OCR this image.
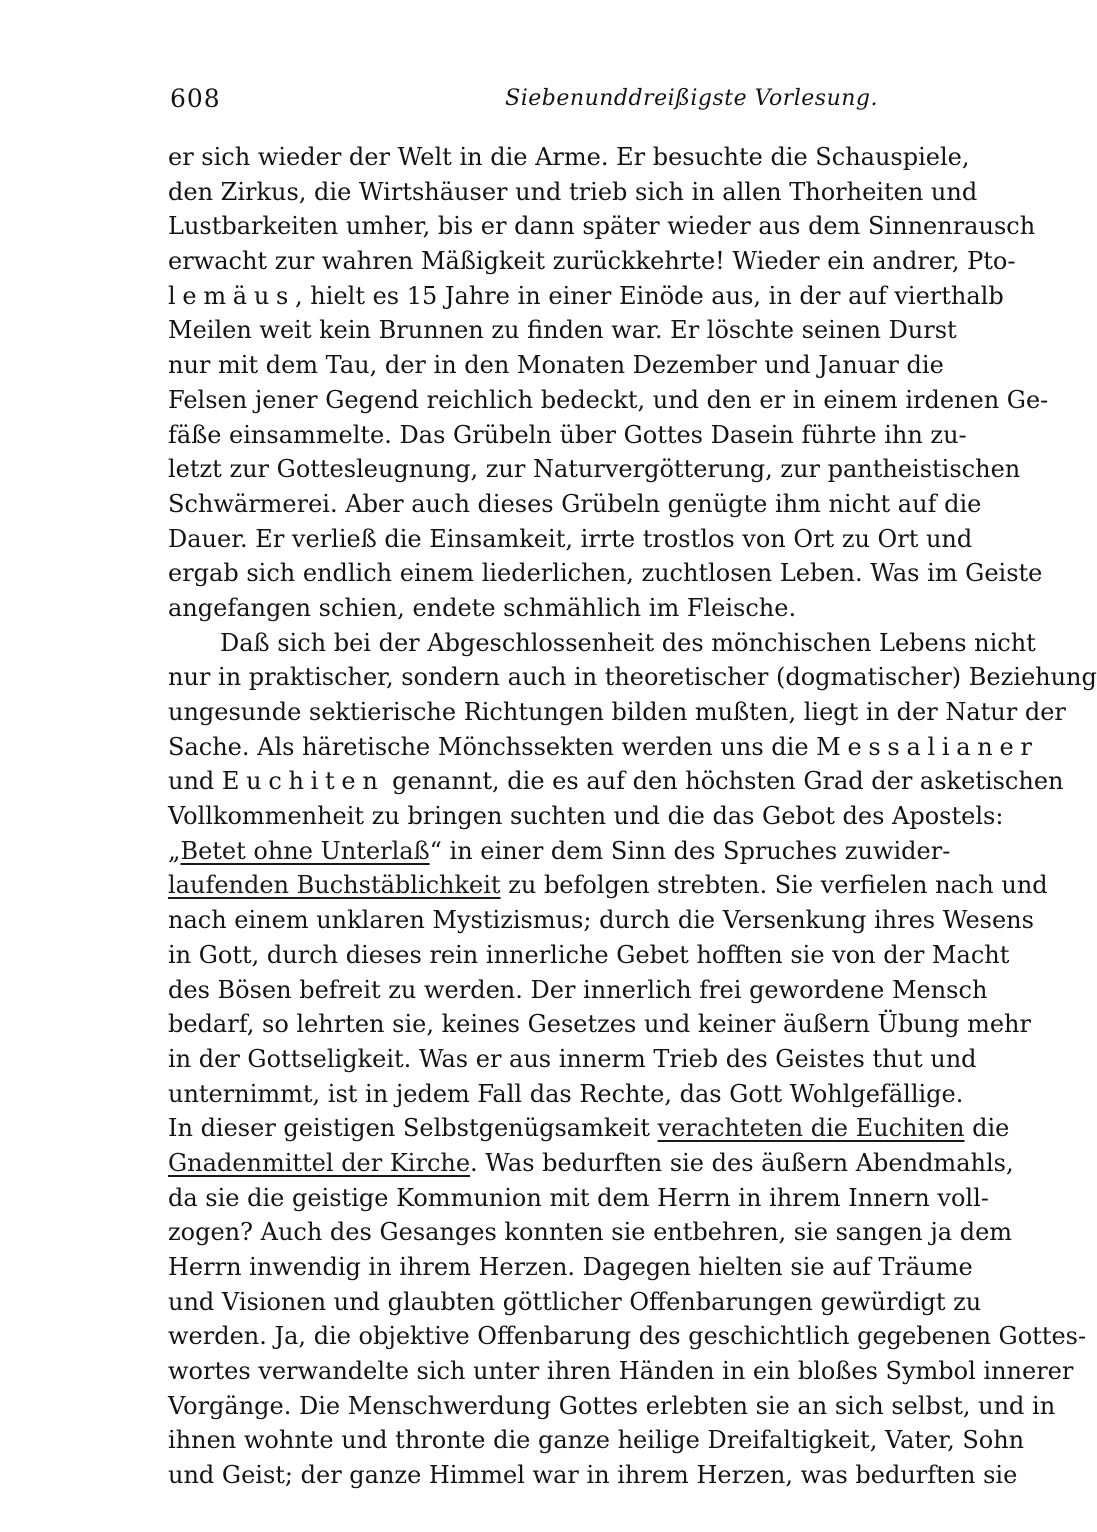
608	Siebenunddreißigste Vorlesung.
er sich wieder der Welt in die Arme. Er besuchte die Schauspiele,
den Zirkus, die Wirtshäuser und trieb sich in allen Thorheiten und
Lustbarkeiten umher, bis er dann später wieder aus dem Sinnenrausch
erwacht zur wahren Mäßigkeit zurückkehrte! Wieder ein andrer, Pto-
lemäus, hielt es 15 Jahre in einer Einöde aus, in der auf vierthalb
Meilen weit kein Brunnen zu finden war. Er löschte seinen Durst
nur mit dem Tau, der in den Monaten Dezember und Januar die
Felsen jener Gegend reichlich bedeckt, und den er in einem irdenen Ge-
fäße einsammelte. Das Grübeln über Gottes Dasein führte ihn zu-
letzt zur Gottesleugnung, zur Naturvergötterung, zur pantheistischen
Schwärmerei. Aber auch dieses Grübeln genügte ihm nicht auf die
Dauer. Er verließ die Einsamkeit, irrte trostlos von Ort zu Ort und
ergab sich endlich einem liederlichen, zuchtlosen Leben. Was im Geiste
angefangen schien, endete schmählich im Fleische.
Daß sich bei der Abgeschlossenheit des mönchischen Lebens nicht
nur in praktischer, sondern auch in theoretischer (dogmatischer) Beziehung
ungesunde sektierische Richtungen bilden mußten, liegt in der Natur der
Sache. Als häretische Mönchssekten werden uns die Messalianer
und Euchiten genannt, die es auf den höchsten Grad der asketischen
Vollkommenheit zu bringen suchten und die das Gebot des Apostels:
„Betet ohne Unterlaß“ in einer dem Sinn des Spruches zuwider-
laufenden Buchstäblichkeit zu befolgen strebten. Sie verfielen nach und
nach einem unklaren Mystizismus; durch die Versenkung ihres Wesens
in Gott, durch dieses rein innerliche Gebet hofften sie von der Macht
des Bösen befreit zu werden. Der innerlich frei gewordene Mensch
bedarf, so lehrten sie, keines Gesetzes und keiner äußern Übung mehr
in der Gottseligkeit. Was er aus innerm Trieb des Geistes thut und
unternimmt, ist in jedem Fall das Rechte, das Gott Wohlgefällige.
In dieser geistigen Selbstgenügsamkeit verachteten die Euchiten die
Gnadenmittel der Kirche. Was bedurften sie des äußern Abendmahls,
da sie die geistige Kommunion mit dem Herrn in ihrem Innern voll-
zogen? Auch des Gesanges konnten sie entbehren, sie sangen ja dem
Herrn inwendig in ihrem Herzen. Dagegen hielten sie auf Träume
und Visionen und glaubten göttlicher Offenbarungen gewürdigt zu
werden. Ja, die objektive Offenbarung des geschichtlich gegebenen Gottes-
wortes verwandelte sich unter ihren Händen in ein bloßes Symbol innerer
Vorgänge. Die Menschwerdung Gottes erlebten sie an sich selbst, und in
ihnen wohnte und thronte die ganze heilige Dreifaltigkeit, Vater, Sohn
und Geist; der ganze Himmel war in ihrem Herzen, was bedurften sie
